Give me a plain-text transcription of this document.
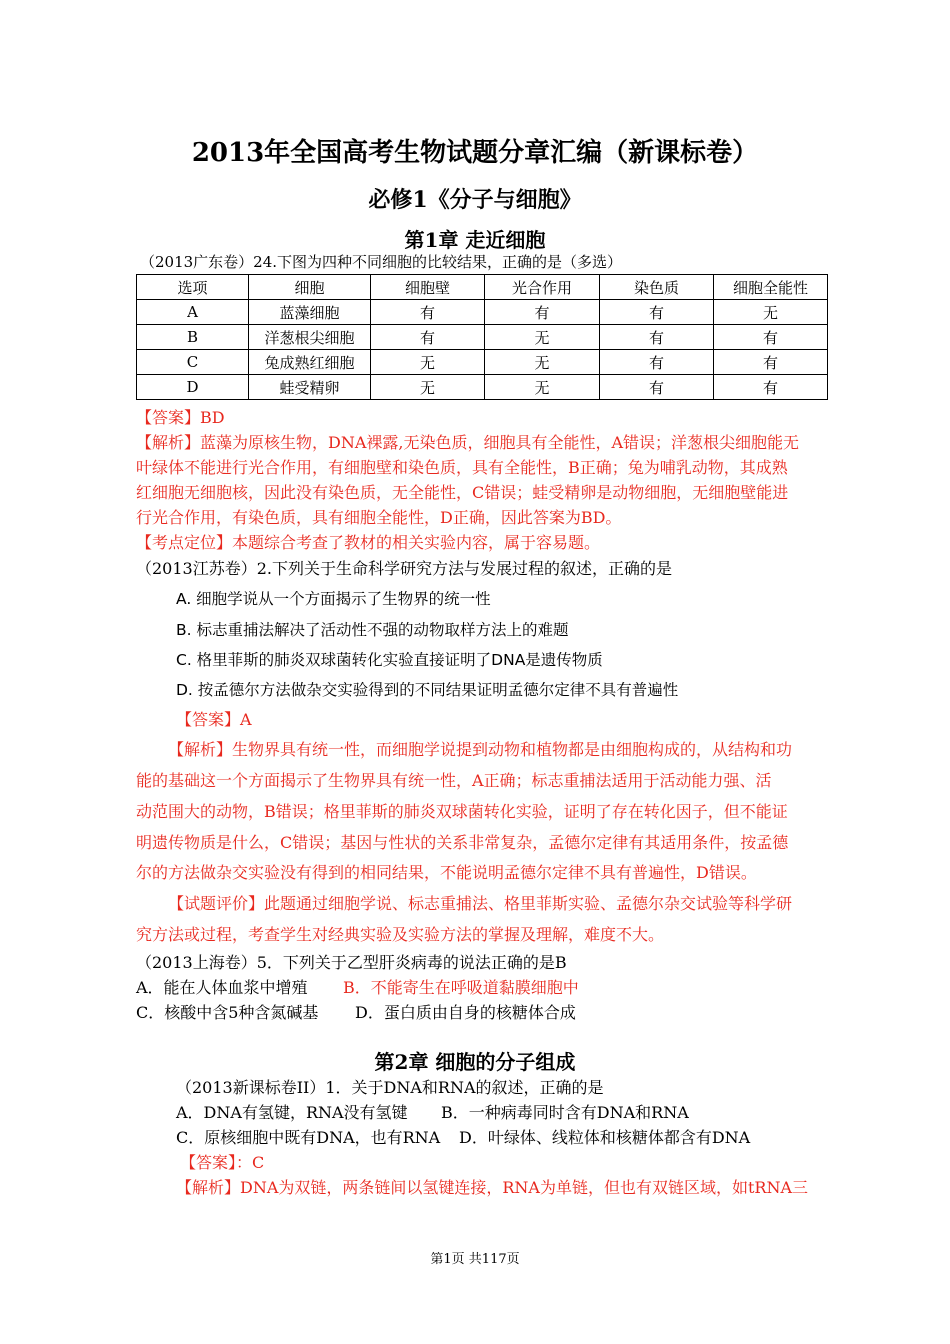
2013年全国高考生物试题分章汇编（新课标卷）
必修1《分子与细胞》
第1章 走近细胞
（2013广东卷）24.下图为四种不同细胞的比较结果，正确的是（多选）
选项	细胞	细胞壁	光合作用	染色质	细胞全能性
A	蓝藻细胞	有	有	有	无
B	洋葱根尖细胞	有	无	有	有
C	兔成熟红细胞	无	无	有	有
D	蛙受精卵	无	无	有	有
【答案】BD
【解析】蓝藻为原核生物，DNA裸露,无染色质，细胞具有全能性，A错误；洋葱根尖细胞能无
叶绿体不能进行光合作用，有细胞壁和染色质，具有全能性，B正确；兔为哺乳动物，其成熟
红细胞无细胞核，因此没有染色质，无全能性，C错误；蛙受精卵是动物细胞，无细胞壁能进
行光合作用，有染色质，具有细胞全能性，D正确，因此答案为BD。
【考点定位】本题综合考查了教材的相关实验内容，属于容易题。
（2013江苏卷）2.下列关于生命科学研究方法与发展过程的叙述，正确的是
A. 细胞学说从一个方面揭示了生物界的统一性
B. 标志重捕法解决了活动性不强的动物取样方法上的难题
C. 格里菲斯的肺炎双球菌转化实验直接证明了DNA是遗传物质
D. 按孟德尔方法做杂交实验得到的不同结果证明孟德尔定律不具有普遍性
【答案】A
【解析】生物界具有统一性，而细胞学说提到动物和植物都是由细胞构成的，从结构和功
能的基础这一个方面揭示了生物界具有统一性，A正确；标志重捕法适用于活动能力强、活
动范围大的动物，B错误；格里菲斯的肺炎双球菌转化实验，证明了存在转化因子，但不能证
明遗传物质是什么，C错误；基因与性状的关系非常复杂，孟德尔定律有其适用条件，按孟德
尔的方法做杂交实验没有得到的相同结果，不能说明孟德尔定律不具有普遍性，D错误。
【试题评价】此题通过细胞学说、标志重捕法、格里菲斯实验、孟德尔杂交试验等科学研
究方法或过程，考查学生对经典实验及实验方法的掌握及理解，难度不大。
（2013上海卷）5．下列关于乙型肝炎病毒的说法正确的是B
A．能在人体血浆中增殖 B．不能寄生在呼吸道黏膜细胞中
C．核酸中含5种含氮碱基 D．蛋白质由自身的核糖体合成
第2章 细胞的分子组成
（2013新课标卷II）1．关于DNA和RNA的叙述，正确的是
A．DNA有氢键，RNA没有氢键 B．一种病毒同时含有DNA和RNA
C．原核细胞中既有DNA，也有RNA D．叶绿体、线粒体和核糖体都含有DNA
【答案】：C
【解析】DNA为双链，两条链间以氢键连接，RNA为单链，但也有双链区域，如tRNA三
第1页 共117页
